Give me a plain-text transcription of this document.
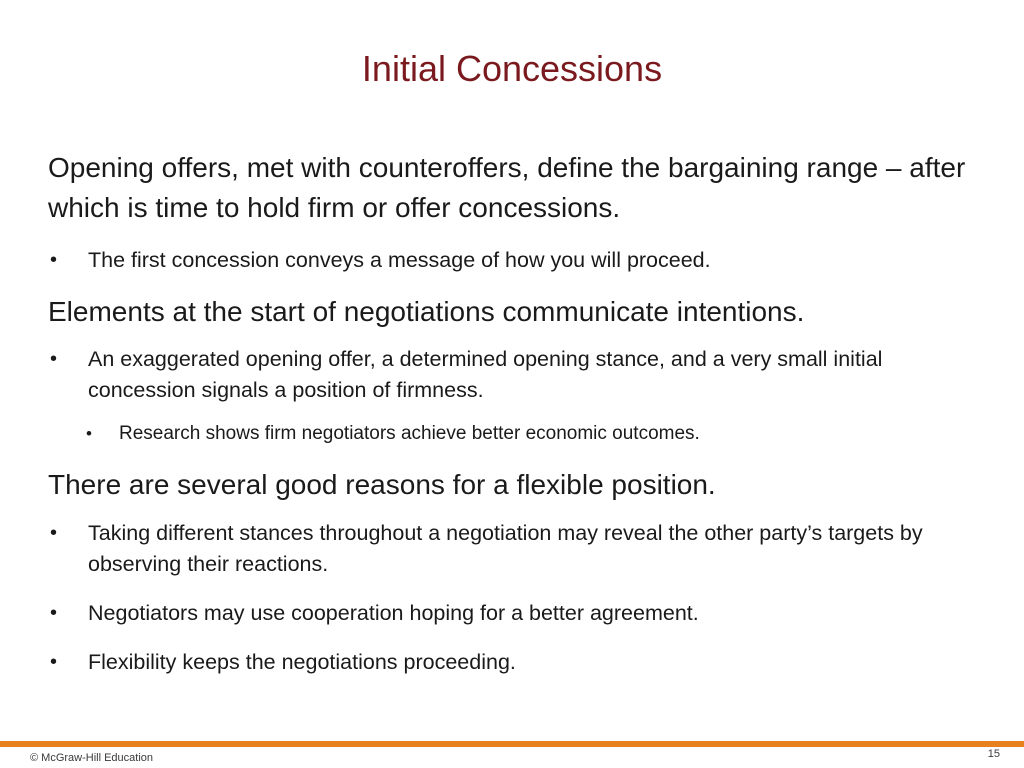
Initial Concessions

Opening offers, met with counteroffers, define the bargaining range – after which is time to hold firm or offer concessions.

• The first concession conveys a message of how you will proceed.

Elements at the start of negotiations communicate intentions.

• An exaggerated opening offer, a determined opening stance, and a very small initial concession signals a position of firmness.
• Research shows firm negotiators achieve better economic outcomes.

There are several good reasons for a flexible position.

• Taking different stances throughout a negotiation may reveal the other party’s targets by observing their reactions.
• Negotiators may use cooperation hoping for a better agreement.
• Flexibility keeps the negotiations proceeding.
© McGraw-Hill Education	15
